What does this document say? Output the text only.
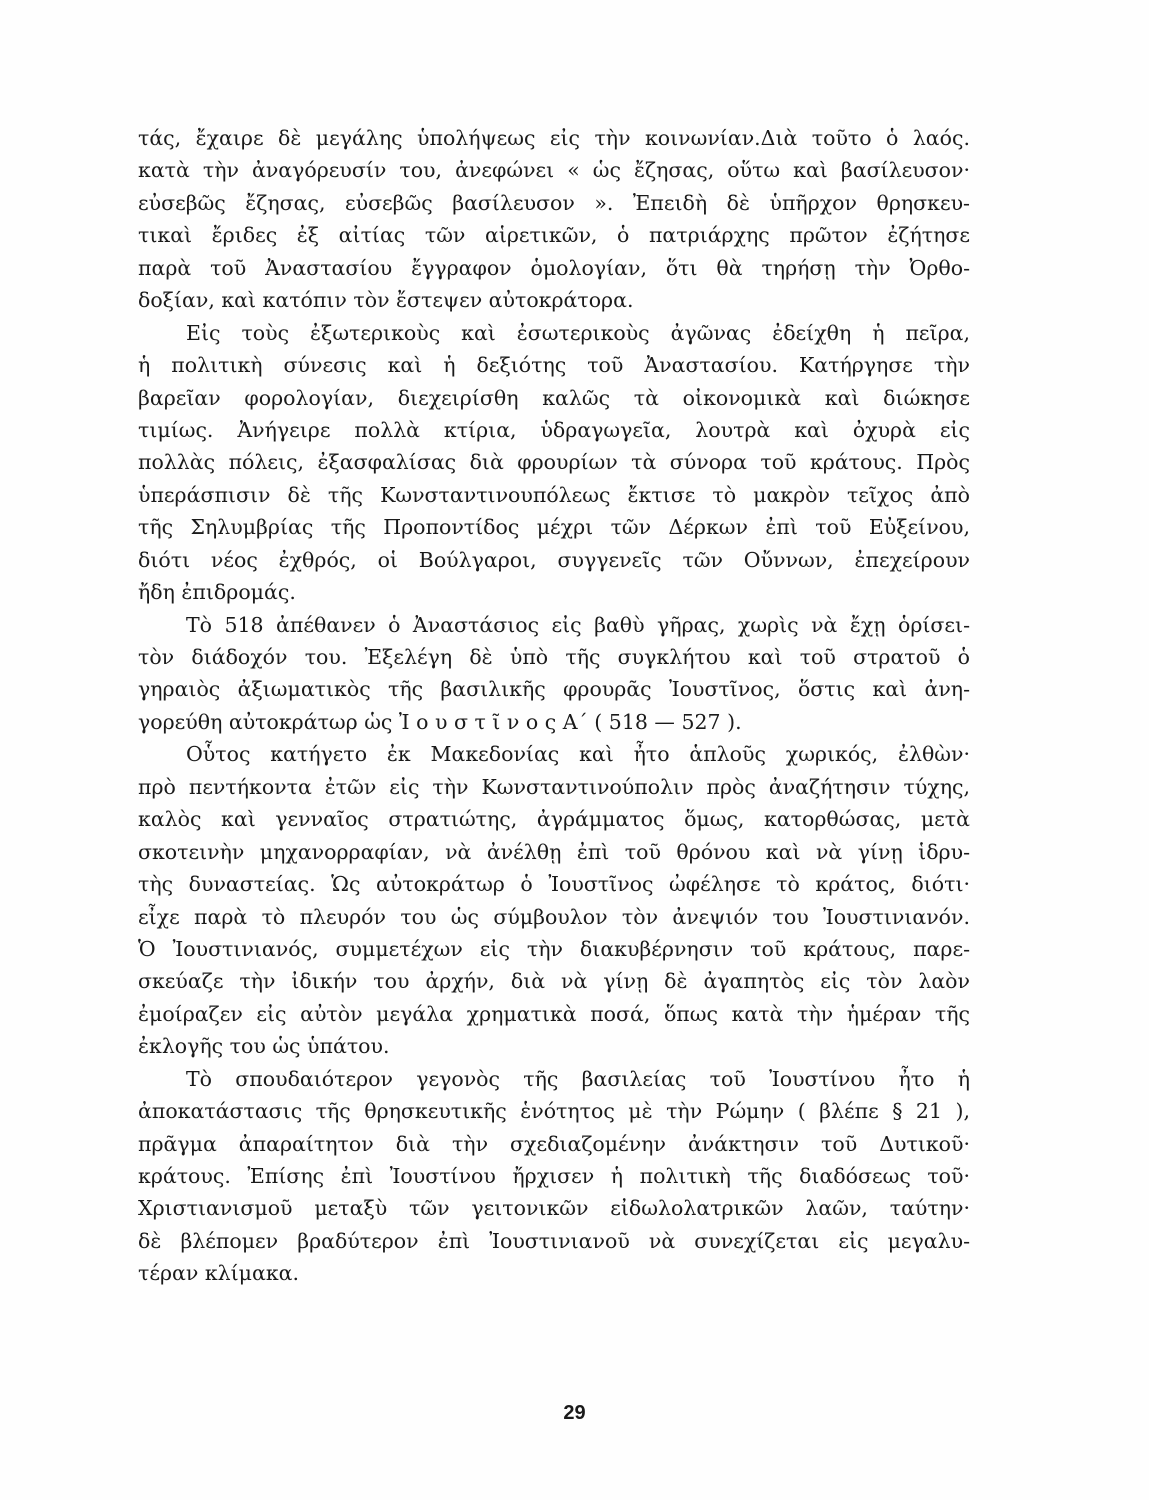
τάς, ἔχαιρε δὲ μεγάλης ὑπολήψεως εἰς τὴν κοινωνίαν.Διὰ τοῦτο ὁ λαός.
κατὰ τὴν ἀναγόρευσίν του, ἀνεφώνει « ὡς ἔζησας, οὕτω καὶ βασίλευσον·
εὐσεβῶς ἔζησας, εὐσεβῶς βασίλευσον ». Ἐπειδὴ δὲ ὑπῆρχον θρησκευ-
τικαὶ ἔριδες ἐξ αἰτίας τῶν αἱρετικῶν, ὁ πατριάρχης πρῶτον ἐζήτησε
παρὰ τοῦ Ἀναστασίου ἔγγραφον ὁμολογίαν, ὅτι θὰ τηρήσῃ τὴν Ὀρθο-
δοξίαν, καὶ κατόπιν τὸν ἔστεψεν αὐτοκράτορα.
Εἰς τοὺς ἐξωτερικοὺς καὶ ἐσωτερικοὺς ἀγῶνας ἐδείχθη ἡ πεῖρα,
ἡ πολιτικὴ σύνεσις καὶ ἡ δεξιότης τοῦ Ἀναστασίου. Κατήργησε τὴν
βαρεῖαν φορολογίαν, διεχειρίσθη καλῶς τὰ οἰκονομικὰ καὶ διώκησε
τιμίως. Ἀνήγειρε πολλὰ κτίρια, ὑδραγωγεῖα, λουτρὰ καὶ ὀχυρὰ εἰς
πολλὰς πόλεις, ἐξασφαλίσας διὰ φρουρίων τὰ σύνορα τοῦ κράτους. Πρὸς
ὑπεράσπισιν δὲ τῆς Κωνσταντινουπόλεως ἔκτισε τὸ μακρὸν τεῖχος ἀπὸ
τῆς Σηλυμβρίας τῆς Προποντίδος μέχρι τῶν Δέρκων ἐπὶ τοῦ Εὐξείνου,
διότι νέος ἐχθρός, οἱ Βούλγαροι, συγγενεῖς τῶν Οὔννων, ἐπεχείρουν
ἤδη ἐπιδρομάς.
Τὸ 518 ἀπέθανεν ὁ Ἀναστάσιος εἰς βαθὺ γῆρας, χωρὶς νὰ ἔχῃ ὁρίσει-
τὸν διάδοχόν του. Ἐξελέγη δὲ ὑπὸ τῆς συγκλήτου καὶ τοῦ στρατοῦ ὁ
γηραιὸς ἀξιωματικὸς τῆς βασιλικῆς φρουρᾶς Ἰουστῖνος, ὅστις καὶ ἀνη-
γορεύθη αὐτοκράτωρ ὡς Ἰ ο υ σ τ ῖ ν ο ς Α΄ ( 518 — 527 ).
Οὗτος κατήγετο ἐκ Μακεδονίας καὶ ἦτο ἁπλοῦς χωρικός, ἐλθὼν·
πρὸ πεντήκοντα ἐτῶν εἰς τὴν Κωνσταντινούπολιν πρὸς ἀναζήτησιν τύχης,
καλὸς καὶ γενναῖος στρατιώτης, ἀγράμματος ὅμως, κατορθώσας, μετὰ
σκοτεινὴν μηχανορραφίαν, νὰ ἀνέλθῃ ἐπὶ τοῦ θρόνου καὶ νὰ γίνῃ ἱδρυ-
τὴς δυναστείας. Ὡς αὐτοκράτωρ ὁ Ἰουστῖνος ὠφέλησε τὸ κράτος, διότι·
εἶχε παρὰ τὸ πλευρόν του ὡς σύμβουλον τὸν ἀνεψιόν του Ἰουστινιανόν.
Ὁ Ἰουστινιανός, συμμετέχων εἰς τὴν διακυβέρνησιν τοῦ κράτους, παρε-
σκεύαζε τὴν ἰδικήν του ἀρχήν, διὰ νὰ γίνῃ δὲ ἀγαπητὸς εἰς τὸν λαὸν
ἐμοίραζεν εἰς αὐτὸν μεγάλα χρηματικὰ ποσά, ὅπως κατὰ τὴν ἡμέραν τῆς
ἐκλογῆς του ὡς ὑπάτου.
Τὸ σπουδαιότερον γεγονὸς τῆς βασιλείας τοῦ Ἰουστίνου ἦτο ἡ
ἀποκατάστασις τῆς θρησκευτικῆς ἑνότητος μὲ τὴν Ρώμην ( βλέπε § 21 ),
πρᾶγμα ἀπαραίτητον διὰ τὴν σχεδιαζομένην ἀνάκτησιν τοῦ Δυτικοῦ·
κράτους. Ἐπίσης ἐπὶ Ἰουστίνου ἤρχισεν ἡ πολιτικὴ τῆς διαδόσεως τοῦ·
Χριστιανισμοῦ μεταξὺ τῶν γειτονικῶν εἰδωλολατρικῶν λαῶν, ταύτην·
δὲ βλέπομεν βραδύτερον ἐπὶ Ἰουστινιανοῦ νὰ συνεχίζεται εἰς μεγαλυ-
τέραν κλίμακα.
29
